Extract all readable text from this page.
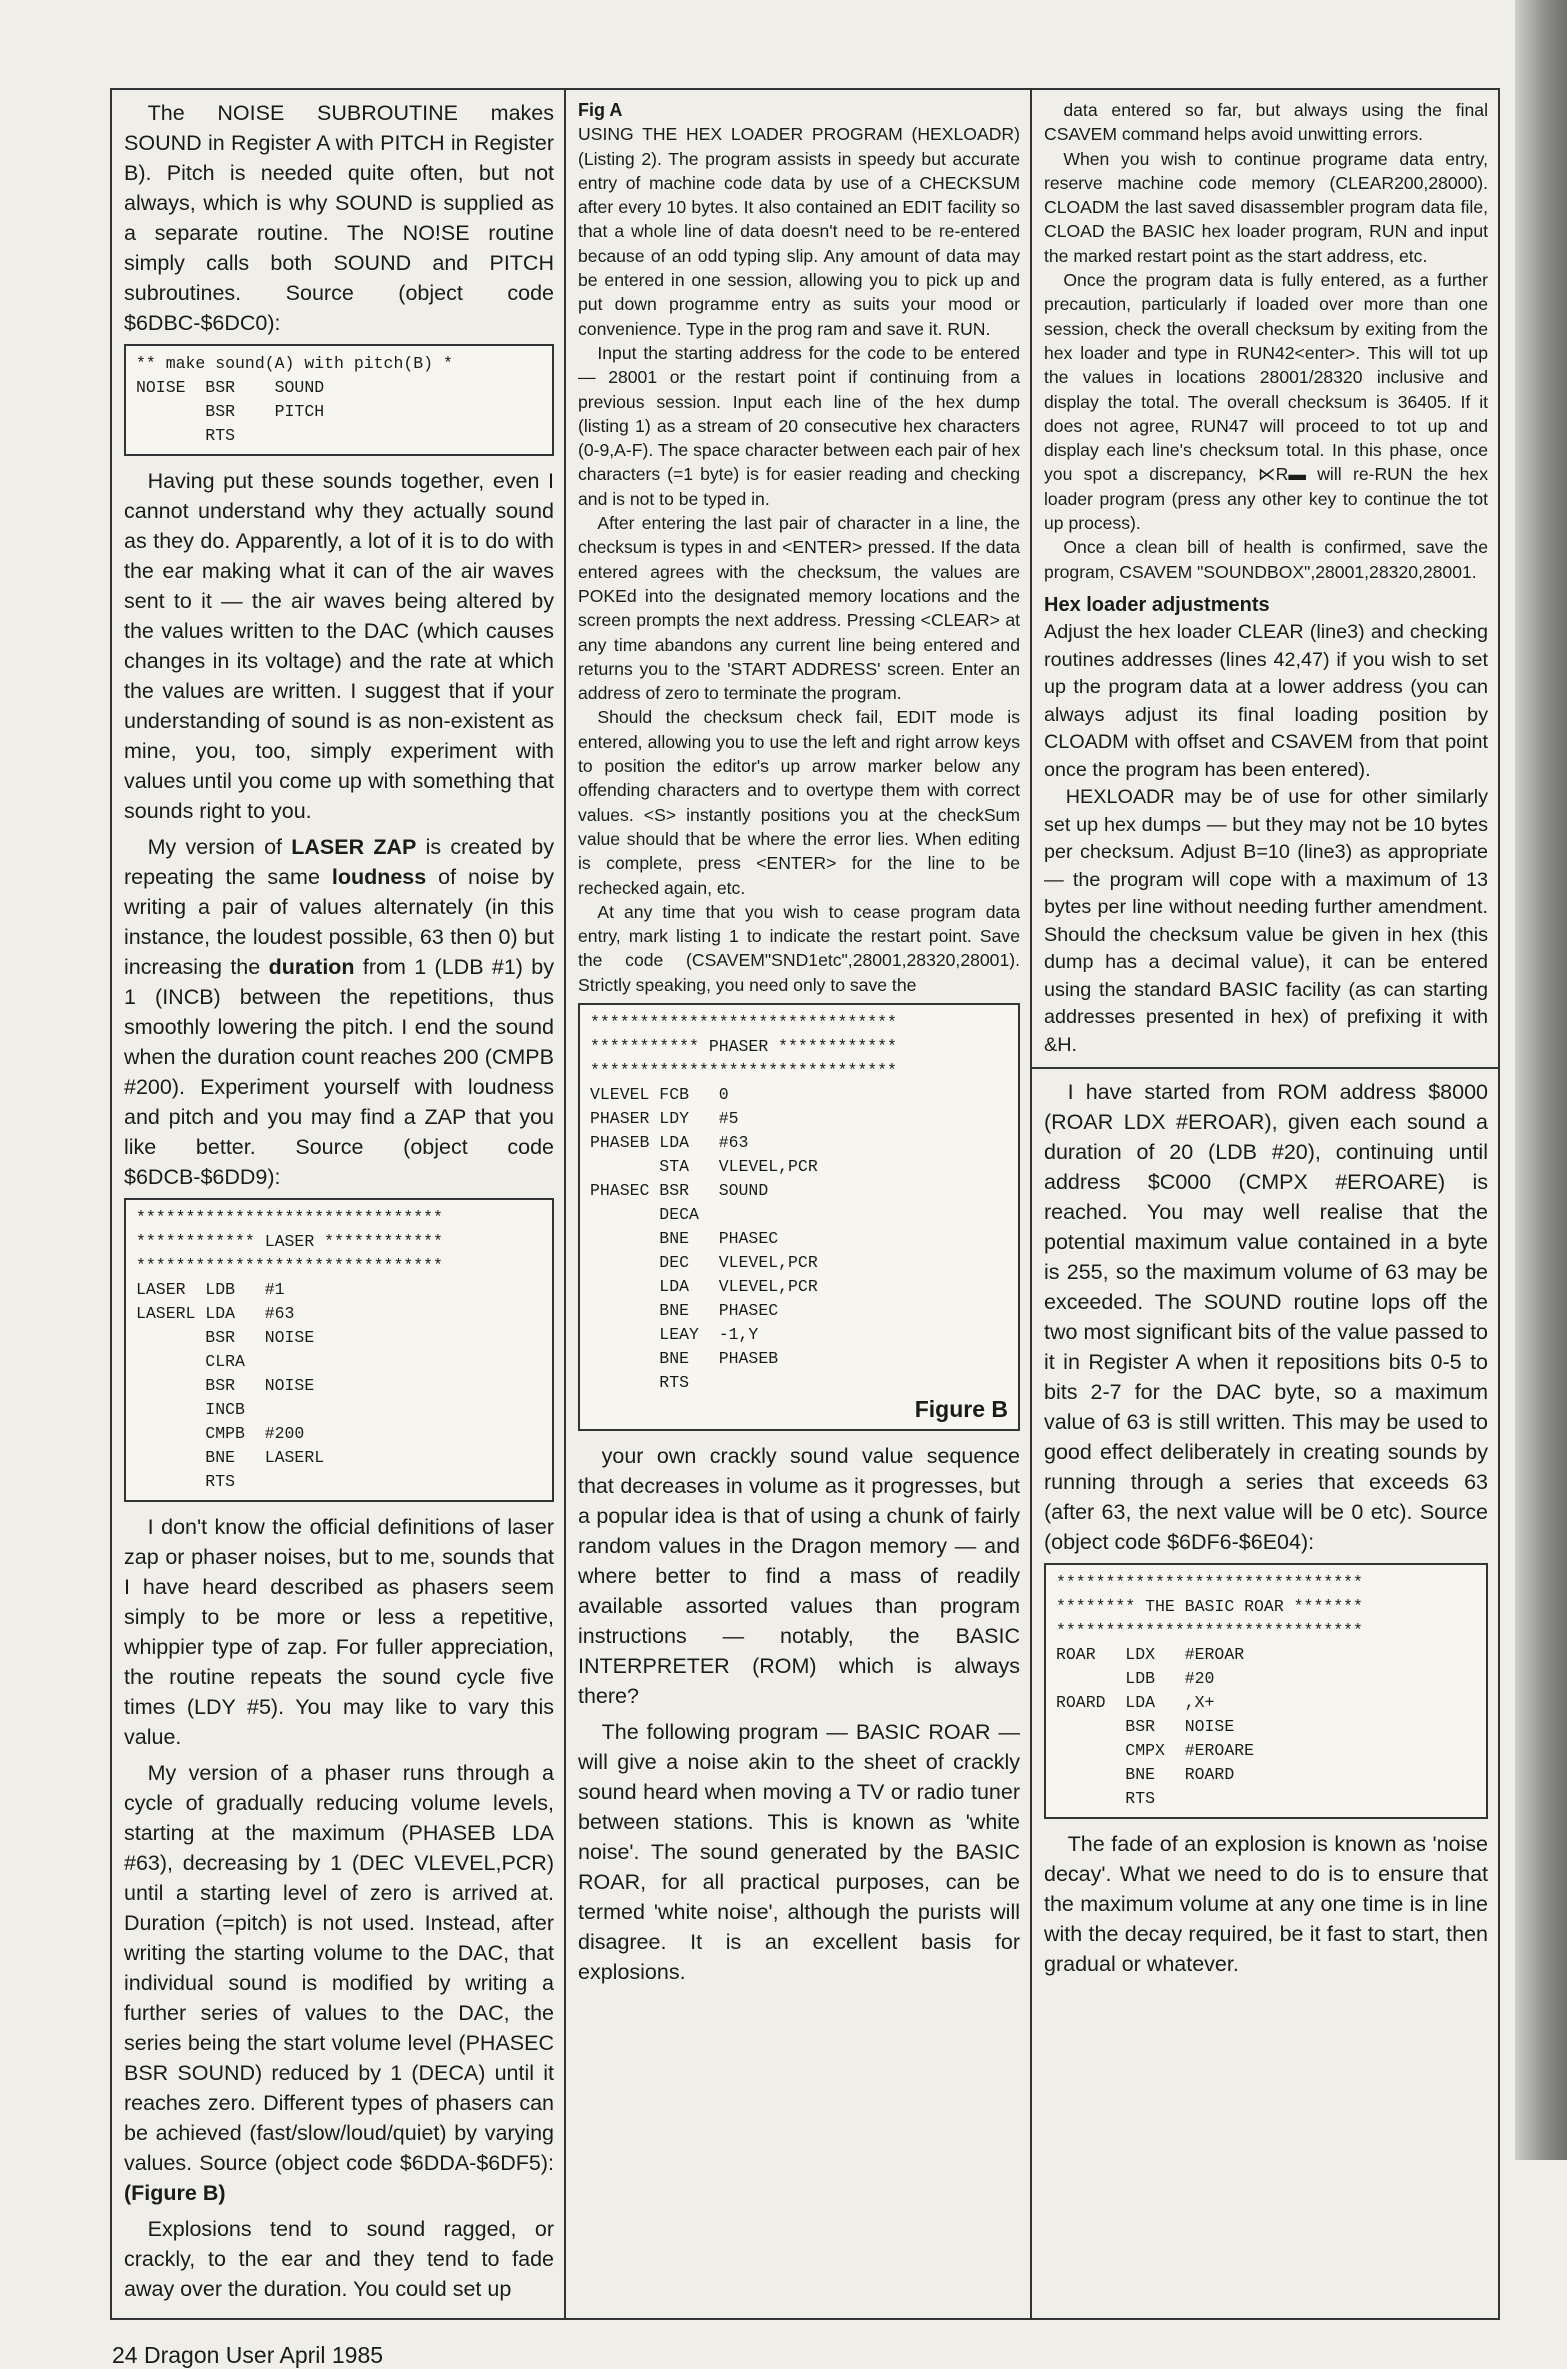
The NOISE SUBROUTINE makes SOUND in Register A with PITCH in Register B). Pitch is needed quite often, but not always, which is why SOUND is supplied as a separate routine. The NO!SE routine simply calls both SOUND and PITCH subroutines. Source (object code $6DBC-$6DC0):

** make sound(A) with pitch(B) *
NOISE  BSR    SOUND
BSR    PITCH
RTS

Having put these sounds together, even I cannot understand why they actually sound as they do. Apparently, a lot of it is to do with the ear making what it can of the air waves sent to it — the air waves being altered by the values written to the DAC (which causes changes in its voltage) and the rate at which the values are written. I suggest that if your understanding of sound is as non-existent as mine, you, too, simply experiment with values until you come up with something that sounds right to you.

My version of LASER ZAP is created by repeating the same loudness of noise by writing a pair of values alternately (in this instance, the loudest possible, 63 then 0) but increasing the duration from 1 (LDB #1) by 1 (INCB) between the repetitions, thus smoothly lowering the pitch. I end the sound when the duration count reaches 200 (CMPB #200). Experiment yourself with loudness and pitch and you may find a ZAP that you like better. Source (object code $6DCB-$6DD9):

*******************************
************ LASER ************
*******************************
LASER  LDB   #1
LASERL LDA   #63
BSR   NOISE
CLRA
BSR   NOISE
INCB
CMPB  #200
BNE   LASERL
RTS

I don't know the official definitions of laser zap or phaser noises, but to me, sounds that I have heard described as phasers seem simply to be more or less a repetitive, whippier type of zap. For fuller appreciation, the routine repeats the sound cycle five times (LDY #5). You may like to vary this value.

My version of a phaser runs through a cycle of gradually reducing volume levels, starting at the maximum (PHASEB LDA #63), decreasing by 1 (DEC VLEVEL,PCR) until a starting level of zero is arrived at. Duration (=pitch) is not used. Instead, after writing the starting volume to the DAC, that individual sound is modified by writing a further series of values to the DAC, the series being the start volume level (PHASEC BSR SOUND) reduced by 1 (DECA) until it reaches zero. Different types of phasers can be achieved (fast/slow/loud/quiet) by varying values. Source (object code $6DDA-$6DF5): (Figure B)

Explosions tend to sound ragged, or crackly, to the ear and they tend to fade away over the duration. You could set up

Fig A

USING THE HEX LOADER PROGRAM (HEXLOADR) (Listing 2). The program assists in speedy but accurate entry of machine code data by use of a CHECKSUM after every 10 bytes. It also contained an EDIT facility so that a whole line of data doesn't need to be re-entered because of an odd typing slip. Any amount of data may be entered in one session, allowing you to pick up and put down programme entry as suits your mood or convenience. Type in the prog ram and save it. RUN.

Input the starting address for the code to be entered — 28001 or the restart point if continuing from a previous session. Input each line of the hex dump (listing 1) as a stream of 20 consecutive hex characters (0-9,A-F). The space character between each pair of hex characters (=1 byte) is for easier reading and checking and is not to be typed in.

After entering the last pair of character in a line, the checksum is types in and <ENTER> pressed. If the data entered agrees with the checksum, the values are POKEd into the designated memory locations and the screen prompts the next address. Pressing <CLEAR> at any time abandons any current line being entered and returns you to the 'START ADDRESS' screen. Enter an address of zero to terminate the program.

Should the checksum check fail, EDIT mode is entered, allowing you to use the left and right arrow keys to position the editor's up arrow marker below any offending characters and to overtype them with correct values. <S> instantly positions you at the checkSum value should that be where the error lies. When editing is complete, press <ENTER> for the line to be rechecked again, etc.

At any time that you wish to cease program data entry, mark listing 1 to indicate the restart point. Save the code (CSAVEM"SND1etc",28001,28320,28001). Strictly speaking, you need only to save the

*******************************
*********** PHASER ************
*******************************
VLEVEL FCB   0
PHASER LDY   #5
PHASEB LDA   #63
STA   VLEVEL,PCR
PHASEC BSR   SOUND
DECA
BNE   PHASEC
DEC   VLEVEL,PCR
LDA   VLEVEL,PCR
BNE   PHASEC
LEAY  -1,Y
BNE   PHASEB
RTS
Figure B

your own crackly sound value sequence that decreases in volume as it progresses, but a popular idea is that of using a chunk of fairly random values in the Dragon memory — and where better to find a mass of readily available assorted values than program instructions — notably, the BASIC INTERPRETER (ROM) which is always there?

The following program — BASIC ROAR — will give a noise akin to the sheet of crackly sound heard when moving a TV or radio tuner between stations. This is known as 'white noise'. The sound generated by the BASIC ROAR, for all practical purposes, can be termed 'white noise', although the purists will disagree. It is an excellent basis for explosions.

data entered so far, but always using the final CSAVEM command helps avoid unwitting errors.

When you wish to continue programe data entry, reserve machine code memory (CLEAR200,28000). CLOADM the last saved disassembler program data file, CLOAD the BASIC hex loader program, RUN and input the marked restart point as the start address, etc.

Once the program data is fully entered, as a further precaution, particularly if loaded over more than one session, check the overall checksum by exiting from the hex loader and type in RUN42<enter>. This will tot up the values in locations 28001/28320 inclusive and display the total. The overall checksum is 36405. If it does not agree, RUN47 will proceed to tot up and display each line's checksum total. In this phase, once you spot a discrepancy, ⋉R▬ will re-RUN the hex loader program (press any other key to continue the tot up process).

Once a clean bill of health is confirmed, save the program, CSAVEM "SOUNDBOX",28001,28320,28001.

Hex loader adjustments

Adjust the hex loader CLEAR (line3) and checking routines addresses (lines 42,47) if you wish to set up the program data at a lower address (you can always adjust its final loading position by CLOADM with offset and CSAVEM from that point once the program has been entered).

HEXLOADR may be of use for other similarly set up hex dumps — but they may not be 10 bytes per checksum. Adjust B=10 (line3) as appropriate — the program will cope with a maximum of 13 bytes per line without needing further amendment. Should the checksum value be given in hex (this dump has a decimal value), it can be entered using the standard BASIC facility (as can starting addresses presented in hex) of prefixing it with &H.

I have started from ROM address $8000 (ROAR LDX #EROAR), given each sound a duration of 20 (LDB #20), continuing until address $C000 (CMPX #EROARE) is reached. You may well realise that the potential maximum value contained in a byte is 255, so the maximum volume of 63 may be exceeded. The SOUND routine lops off the two most significant bits of the value passed to it in Register A when it repositions bits 0-5 to bits 2-7 for the DAC byte, so a maximum value of 63 is still written. This may be used to good effect deliberately in creating sounds by running through a series that exceeds 63 (after 63, the next value will be 0 etc). Source (object code $6DF6-$6E04):

*******************************
******** THE BASIC ROAR *******
*******************************
ROAR   LDX   #EROAR
LDB   #20
ROARD  LDA   ,X+
BSR   NOISE
CMPX  #EROARE
BNE   ROARD
RTS

The fade of an explosion is known as 'noise decay'. What we need to do is to ensure that the maximum volume at any one time is in line with the decay required, be it fast to start, then gradual or whatever.

24 Dragon User April 1985
